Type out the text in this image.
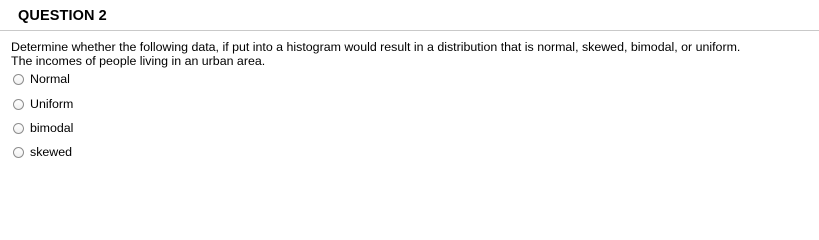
QUESTION 2
Determine whether the following data, if put into a histogram would result in a distribution that is normal, skewed, bimodal, or uniform.
The incomes of people living in an urban area.
Normal
Uniform
bimodal
skewed
